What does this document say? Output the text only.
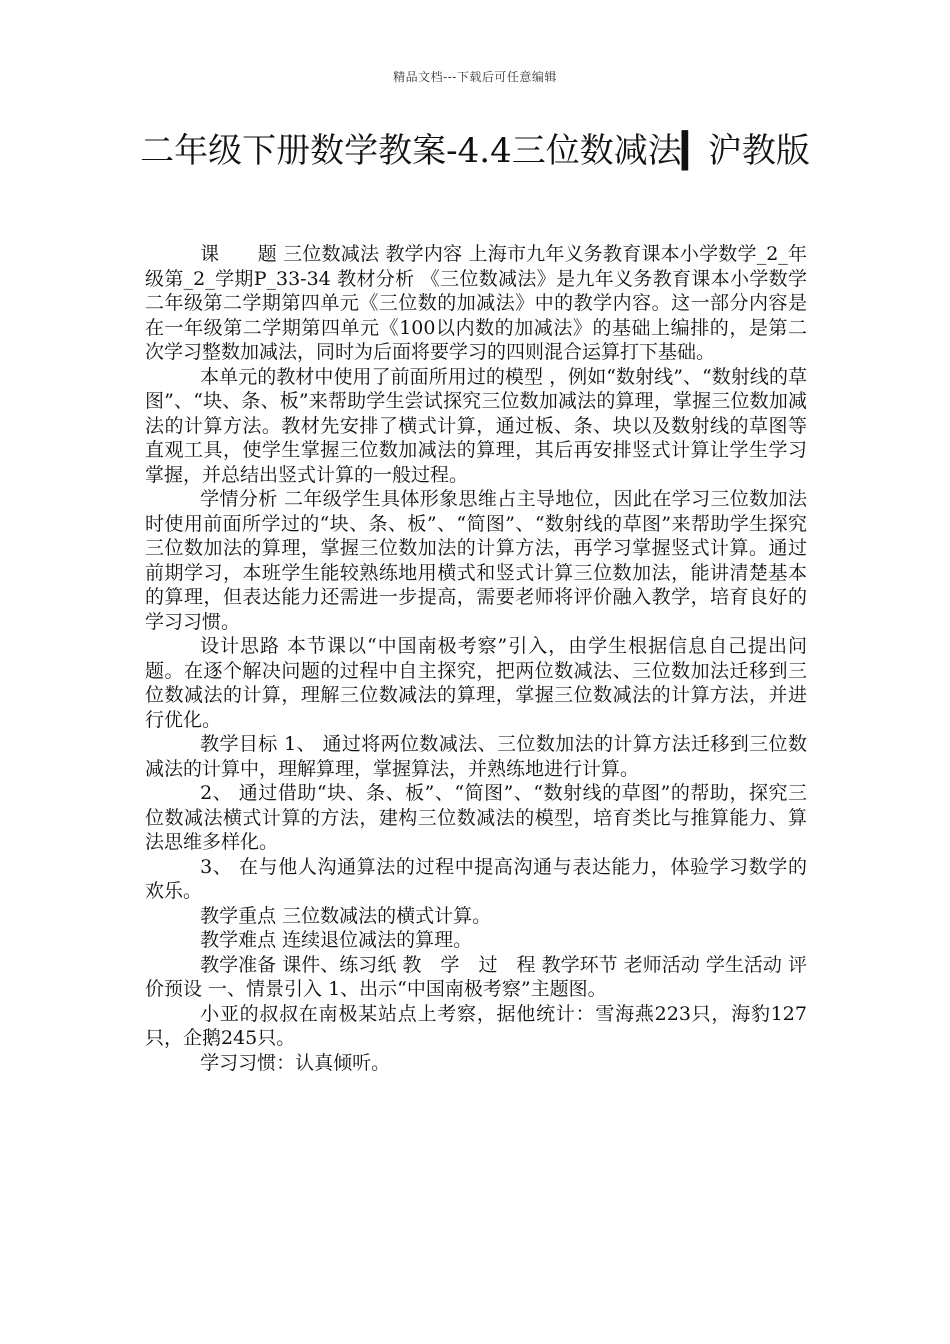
精品文档---下载后可任意编辑
二年级下册数学教案-4.4三位数减法▎沪教版

课　　题 三位数减法 教学内容 上海市九年义务教育课本小学数学_2_年级第_2_学期P_33-34 教材分析 《三位数减法》是九年义务教育课本小学数学二年级第二学期第四单元《三位数的加减法》中的教学内容。这一部分内容是在一年级第二学期第四单元《100以内数的加减法》的基础上编排的，是第二次学习整数加减法，同时为后面将要学习的四则混合运算打下基础。

本单元的教材中使用了前面所用过的模型 ，例如“数射线”、“数射线的草图”、“块、条、板”来帮助学生尝试探究三位数加减法的算理，掌握三位数加减法的计算方法。教材先安排了横式计算，通过板、条、块以及数射线的草图等直观工具，使学生掌握三位数加减法的算理，其后再安排竖式计算让学生学习掌握，并总结出竖式计算的一般过程。

学情分析 二年级学生具体形象思维占主导地位，因此在学习三位数加法时使用前面所学过的“块、条、板”、“简图”、“数射线的草图”来帮助学生探究三位数加法的算理，掌握三位数加法的计算方法，再学习掌握竖式计算。通过前期学习，本班学生能较熟练地用横式和竖式计算三位数加法，能讲清楚基本的算理，但表达能力还需进一步提高，需要老师将评价融入教学，培育良好的学习习惯。

设计思路 本节课以“中国南极考察”引入，由学生根据信息自己提出问题。在逐个解决问题的过程中自主探究，把两位数减法、三位数加法迁移到三位数减法的计算，理解三位数减法的算理，掌握三位数减法的计算方法，并进行优化。

教学目标 1、 通过将两位数减法、三位数加法的计算方法迁移到三位数减法的计算中，理解算理，掌握算法，并熟练地进行计算。

2、 通过借助“块、条、板”、“简图”、“数射线的草图”的帮助，探究三位数减法横式计算的方法，建构三位数减法的模型，培育类比与推算能力、算法思维多样化。

3、 在与他人沟通算法的过程中提高沟通与表达能力，体验学习数学的欢乐。

教学重点 三位数减法的横式计算。

教学难点 连续退位减法的算理。

教学准备 课件、练习纸 教　学　过　程 教学环节 老师活动 学生活动 评价预设 一、情景引入 1、出示“中国南极考察”主题图。

小亚的叔叔在南极某站点上考察，据他统计：雪海燕223只，海豹127只，企鹅245只。

学习习惯：认真倾听。
